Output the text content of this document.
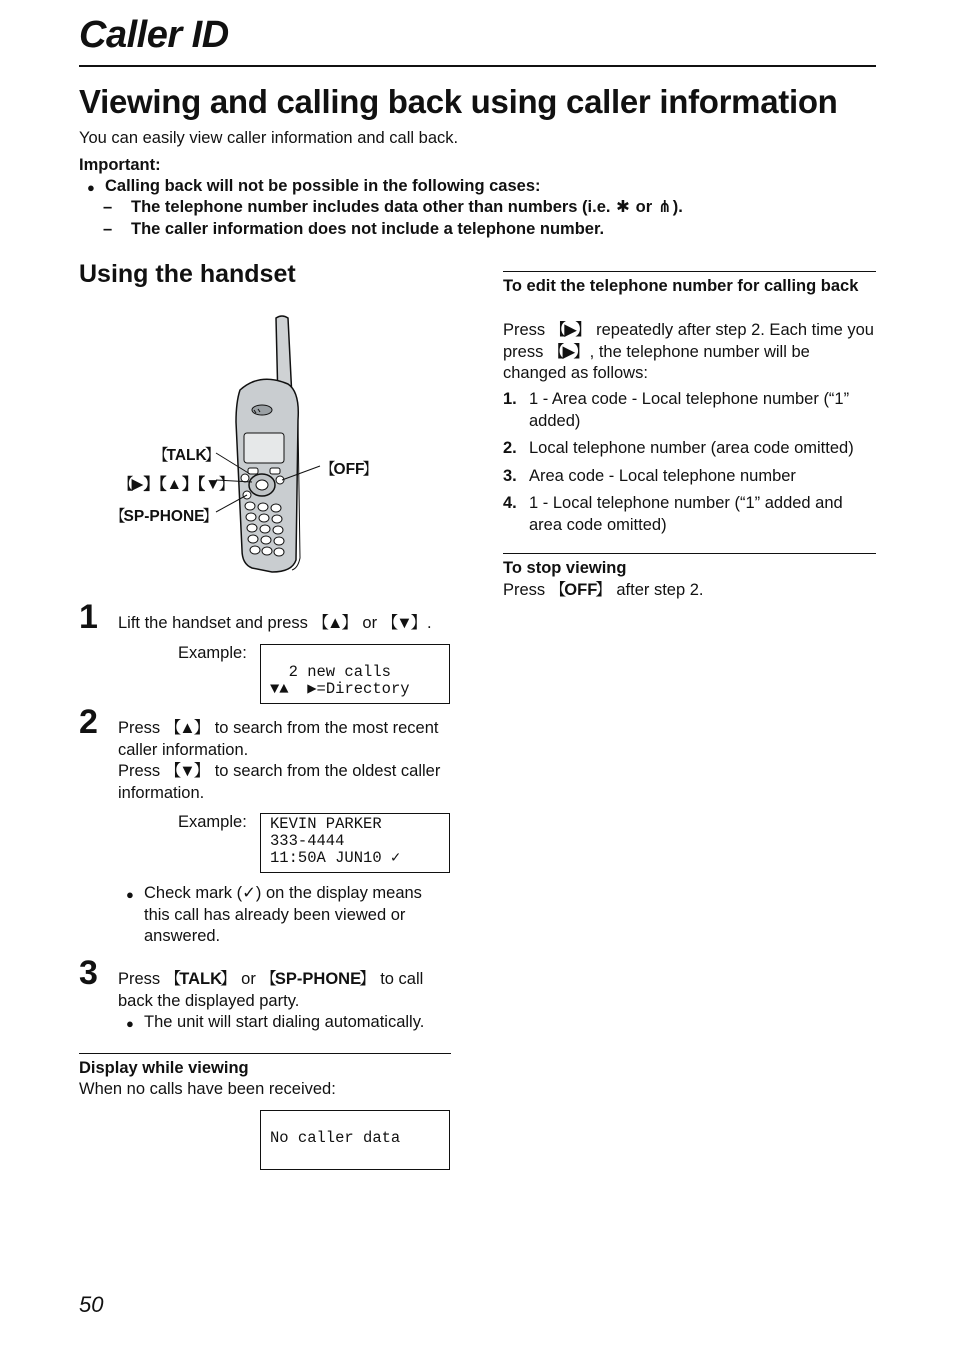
Caller ID
Viewing and calling back using caller information
You can easily view caller information and call back.
Important:
● Calling back will not be possible in the following cases:
– The telephone number includes data other than numbers (i.e. ✱ or ⋔).
– The caller information does not include a telephone number.
Using the handset
【 TALK 】
【 ▶】【▲】【▼ 】
【 SP-PHONE 】
【 OFF 】
1 Lift the handset and press 【 ▲ 】 or 【 ▼ 】 .
Example:
2 new calls
▼▲  ▶=Directory
2 Press 【 ▲ 】 to search from the most recent caller information.
Press 【 ▼ 】 to search from the oldest caller information.
Example:	KEVIN PARKER
333-4444
11:50A JUN10 ✓
● Check mark (✓) on the display means this call has already been viewed or answered.
3 Press 【 TALK 】 or 【 SP-PHONE 】 to call back the displayed party.
● The unit will start dialing automatically.
Display while viewing
When no calls have been received:
No caller data
To edit the telephone number for calling back
Press 【 ▶ 】 repeatedly after step 2. Each time you press 【 ▶ 】 , the telephone number will be changed as follows:
1. 1 - Area code - Local telephone number (“1” added)
2. Local telephone number (area code omitted)
3. Area code - Local telephone number
4. 1 - Local telephone number (“1” added and area code omitted)
To stop viewing
Press 【 OFF 】 after step 2.
50
